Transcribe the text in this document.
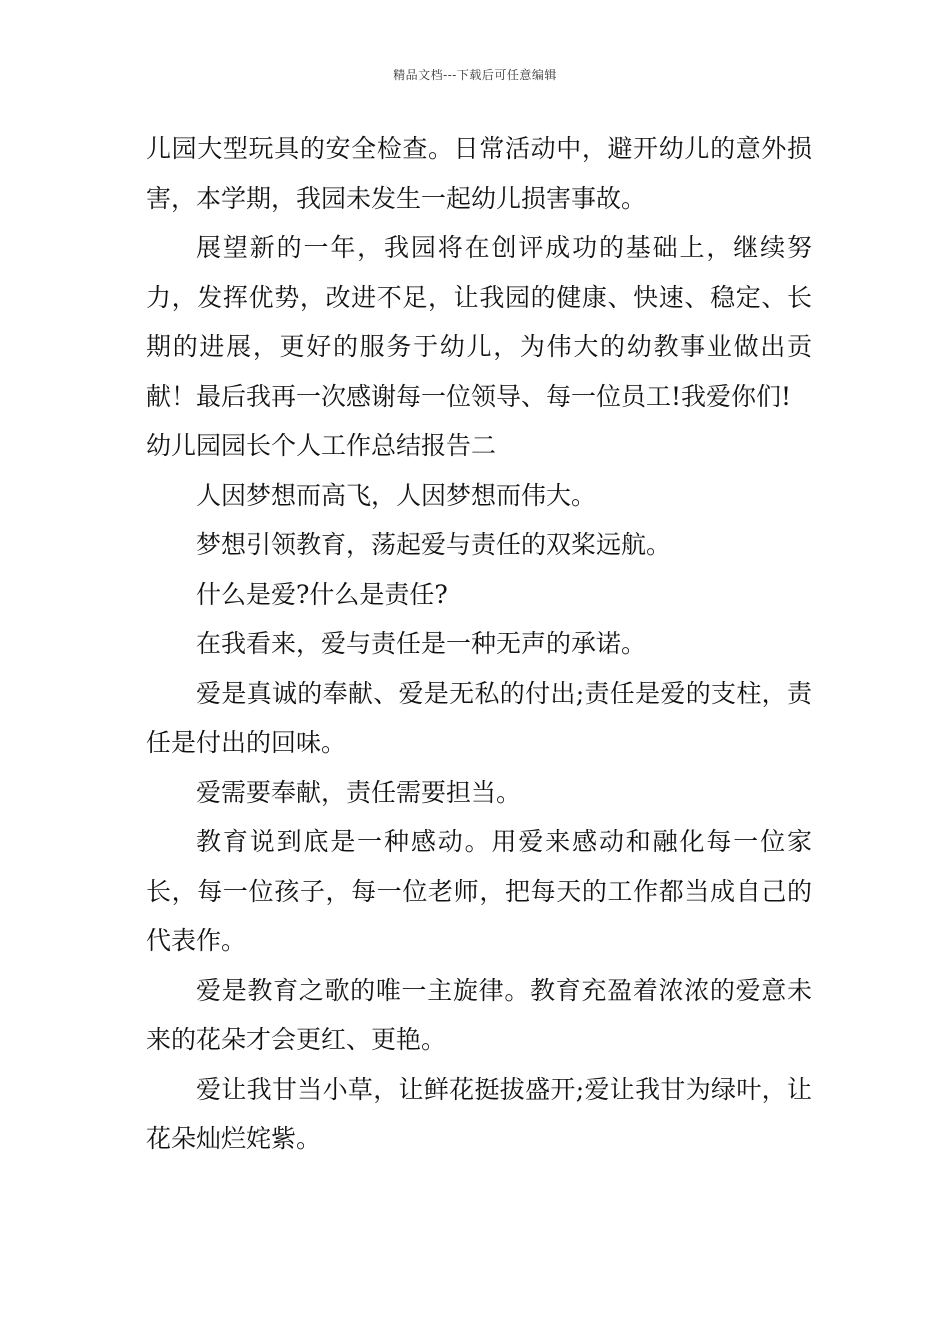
精品文档---下载后可任意编辑

儿园大型玩具的安全检查。日常活动中，避开幼儿的意外损害，本学期，我园未发生一起幼儿损害事故。

展望新的一年，我园将在创评成功的基础上，继续努力，发挥优势，改进不足，让我园的健康、快速、稳定、长期的进展，更好的服务于幼儿，为伟大的幼教事业做出贡献！最后我再一次感谢每一位领导、每一位员工!我爱你们!

幼儿园园长个人工作总结报告二

人因梦想而高飞，人因梦想而伟大。

梦想引领教育，荡起爱与责任的双桨远航。

什么是爱?什么是责任?

在我看来，爱与责任是一种无声的承诺。

爱是真诚的奉献、爱是无私的付出;责任是爱的支柱，责任是付出的回味。

爱需要奉献，责任需要担当。

教育说到底是一种感动。用爱来感动和融化每一位家长，每一位孩子，每一位老师，把每天的工作都当成自己的代表作。

爱是教育之歌的唯一主旋律。教育充盈着浓浓的爱意未来的花朵才会更红、更艳。

爱让我甘当小草，让鲜花挺拔盛开;爱让我甘为绿叶，让花朵灿烂姹紫。
